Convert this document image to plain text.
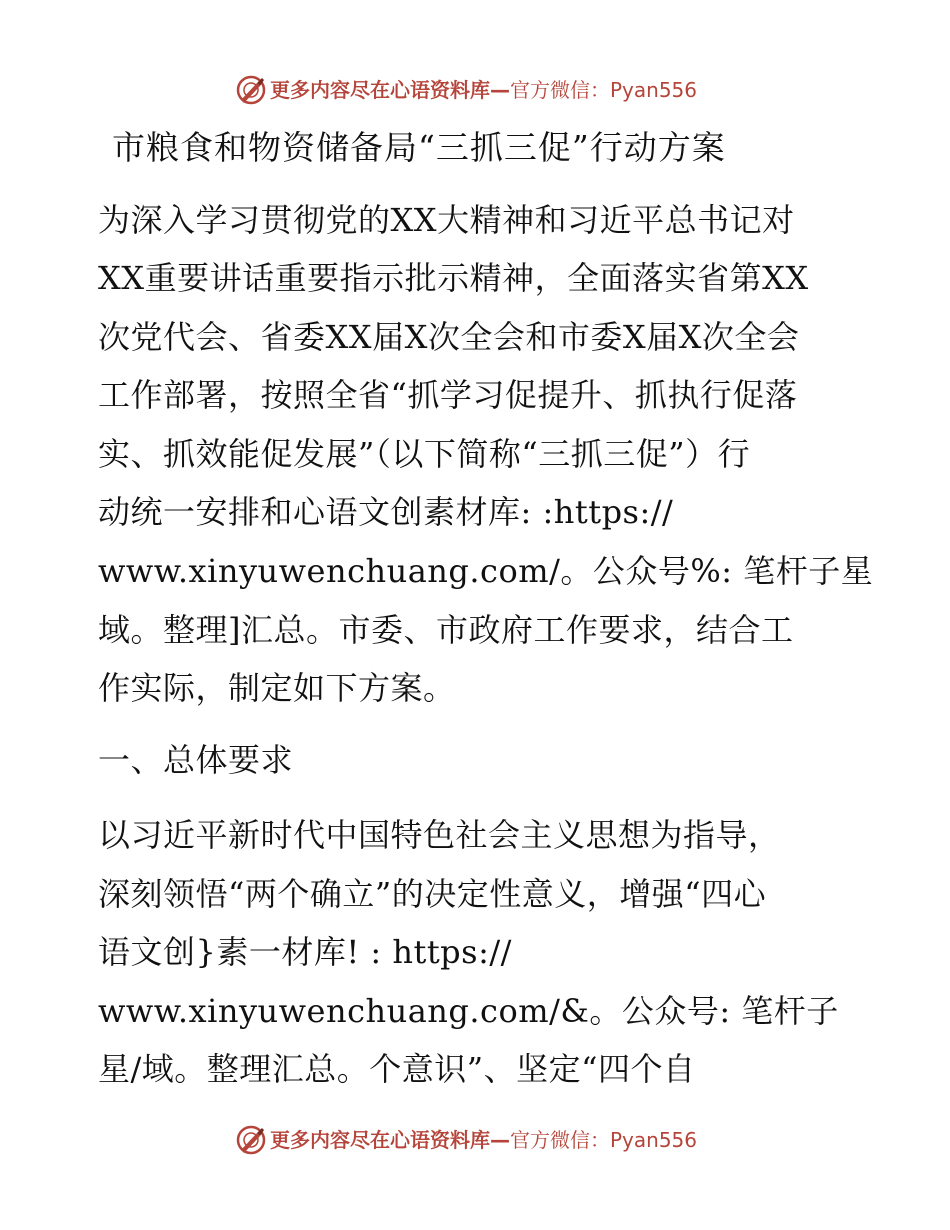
更多内容尽在心语资料库—官方微信：Pyan556
市粮食和物资储备局“三抓三促”行动方案
为深入学习贯彻党的XX大精神和习近平总书记对
XX重要讲话重要指示批示精神，全面落实省第XX
次党代会、省委XX届X次全会和市委X届X次全会
工作部署，按照全省“抓学习促提升、抓执行促落
实、抓效能促发展”（以下简称“三抓三促”）行
动统一安排和心语文创素材库: :https://
www.xinyuwenchuang.com/。公众号%: 笔杆子星
域。整理]汇总。市委、市政府工作要求，结合工
作实际，制定如下方案。
一、总体要求
以习近平新时代中国特色社会主义思想为指导，
深刻领悟“两个确立”的决定性意义，增强“四心
语文创}素一材库! : https://
www.xinyuwenchuang.com/&。公众号: 笔杆子
星/域。整理汇总。个意识”、坚定“四个自
更多内容尽在心语资料库—官方微信：Pyan556
